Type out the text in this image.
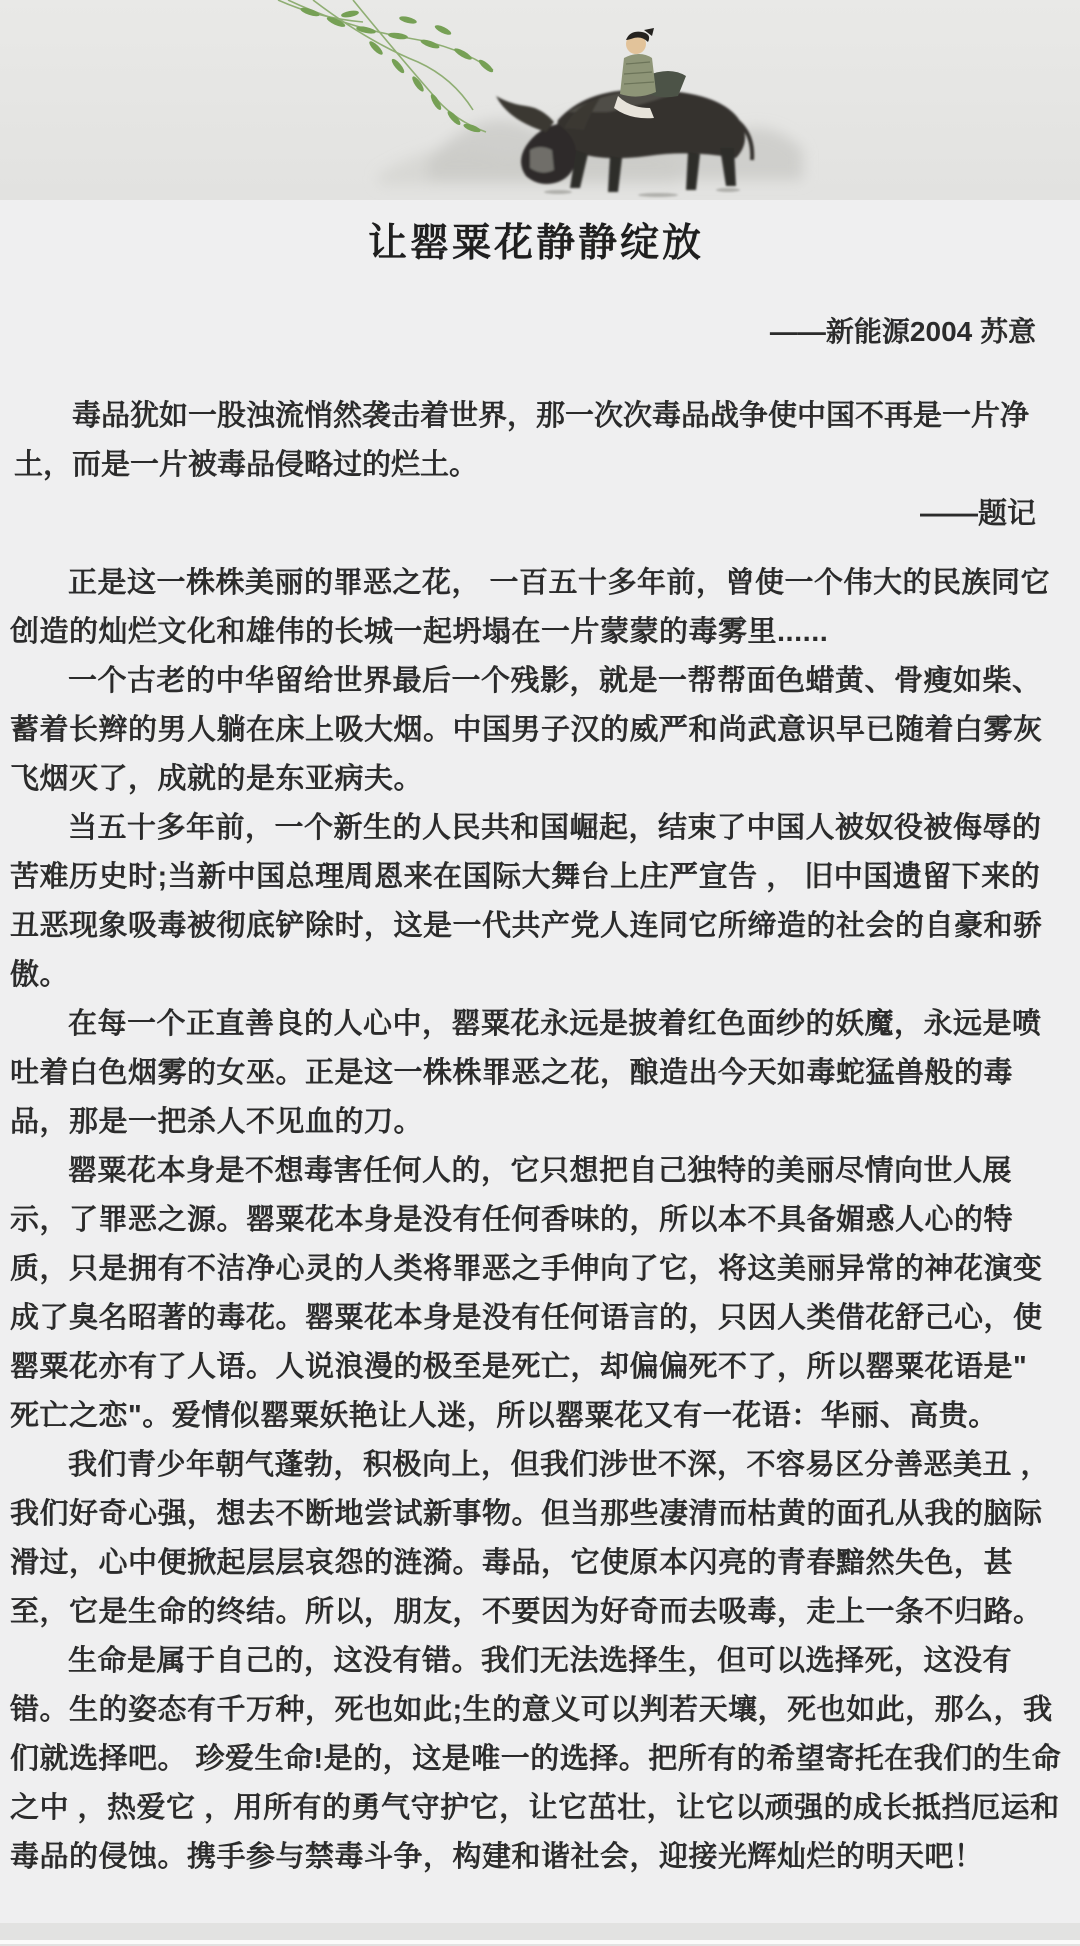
让罂粟花静静绽放
——新能源2004 苏意
毒品犹如一股浊流悄然袭击着世界，那一次次毒品战争使中国不再是一片净土，而是一片被毒品侵略过的烂土。
——题记

正是这一株株美丽的罪恶之花， 一百五十多年前，曾使一个伟大的民族同它创造的灿烂文化和雄伟的长城一起坍塌在一片蒙蒙的毒雾里......

一个古老的中华留给世界最后一个残影，就是一帮帮面色蜡黄、骨瘦如柴、蓄着长辫的男人躺在床上吸大烟。中国男子汉的威严和尚武意识早已随着白雾灰飞烟灭了，成就的是东亚病夫。

当五十多年前，一个新生的人民共和国崛起，结束了中国人被奴役被侮辱的苦难历史时;当新中国总理周恩来在国际大舞台上庄严宣告 ， 旧中国遗留下来的丑恶现象吸毒被彻底铲除时，这是一代共产党人连同它所缔造的社会的自豪和骄傲。

在每一个正直善良的人心中，罂粟花永远是披着红色面纱的妖魔，永远是喷吐着白色烟雾的女巫。正是这一株株罪恶之花，酿造出今天如毒蛇猛兽般的毒品，那是一把杀人不见血的刀。

罂粟花本身是不想毒害任何人的，它只想把自己独特的美丽尽情向世人展示，了罪恶之源。罂粟花本身是没有任何香味的，所以本不具备媚惑人心的特质，只是拥有不洁净心灵的人类将罪恶之手伸向了它，将这美丽异常的神花演变成了臭名昭著的毒花。罂粟花本身是没有任何语言的，只因人类借花舒己心，使罂粟花亦有了人语。人说浪漫的极至是死亡，却偏偏死不了，所以罂粟花语是" 死亡之恋"。爱情似罂粟妖艳让人迷，所以罂粟花又有一花语：华丽、高贵。

我们青少年朝气蓬勃，积极向上，但我们涉世不深，不容易区分善恶美丑 ，我们好奇心强，想去不断地尝试新事物。但当那些凄清而枯黄的面孔从我的脑际滑过，心中便掀起层层哀怨的涟漪。毒品，它使原本闪亮的青春黯然失色，甚至，它是生命的终结。所以，朋友，不要因为好奇而去吸毒，走上一条不归路。

生命是属于自己的，这没有错。我们无法选择生，但可以选择死，这没有错。生的姿态有千万种，死也如此;生的意义可以判若天壤，死也如此，那么，我们就选择吧。 珍爱生命!是的，这是唯一的选择。把所有的希望寄托在我们的生命之中 ，热爱它 ，用所有的勇气守护它，让它茁壮，让它以顽强的成长抵挡厄运和毒品的侵蚀。携手参与禁毒斗争，构建和谐社会，迎接光辉灿烂的明天吧！
